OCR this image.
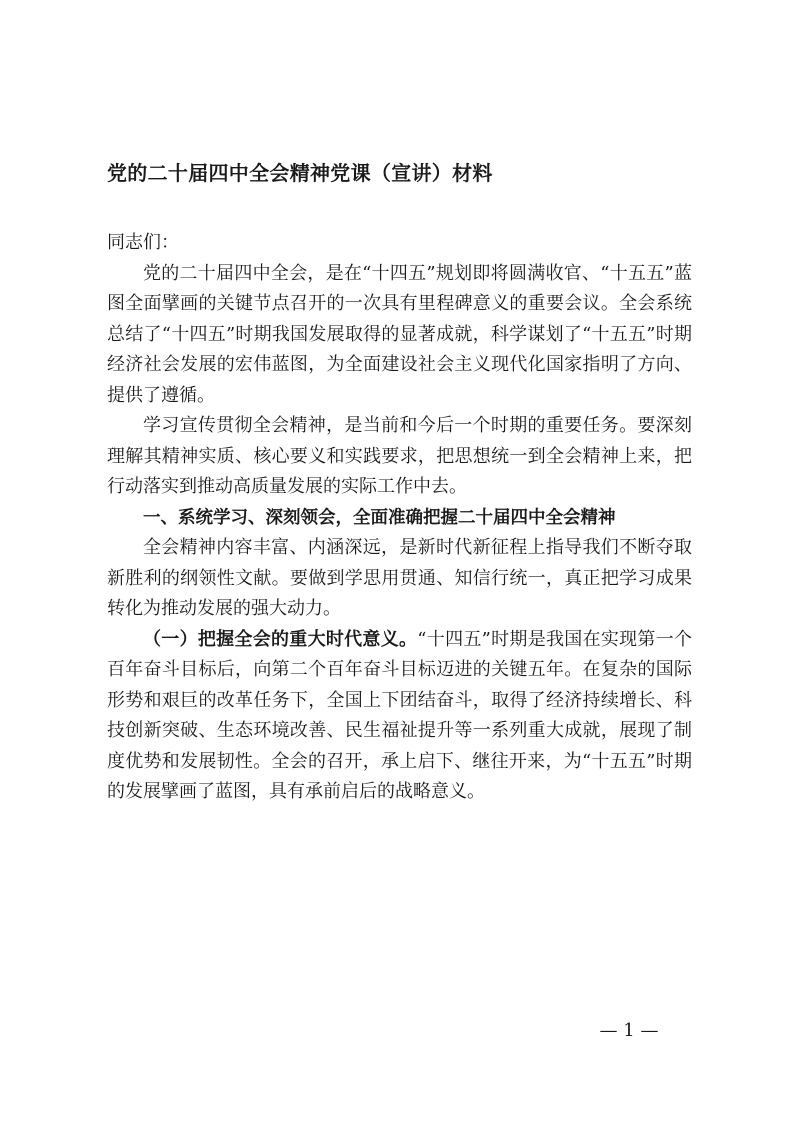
党的二十届四中全会精神党课（宣讲）材料

同志们：

党的二十届四中全会，是在“十四五”规划即将圆满收官、“十五五”蓝图全面擘画的关键节点召开的一次具有里程碑意义的重要会议。全会系统总结了“十四五”时期我国发展取得的显著成就，科学谋划了“十五五”时期经济社会发展的宏伟蓝图，为全面建设社会主义现代化国家指明了方向、提供了遵循。

学习宣传贯彻全会精神，是当前和今后一个时期的重要任务。要深刻理解其精神实质、核心要义和实践要求，把思想统一到全会精神上来，把行动落实到推动高质量发展的实际工作中去。

一、系统学习、深刻领会，全面准确把握二十届四中全会精神

全会精神内容丰富、内涵深远，是新时代新征程上指导我们不断夺取新胜利的纲领性文献。要做到学思用贯通、知信行统一，真正把学习成果转化为推动发展的强大动力。

（一）把握全会的重大时代意义。“十四五”时期是我国在实现第一个百年奋斗目标后，向第二个百年奋斗目标迈进的关键五年。在复杂的国际形势和艰巨的改革任务下，全国上下团结奋斗，取得了经济持续增长、科技创新突破、生态环境改善、民生福祉提升等一系列重大成就，展现了制度优势和发展韧性。全会的召开，承上启下、继往开来，为“十五五”时期的发展擘画了蓝图，具有承前启后的战略意义。

— 1 —
